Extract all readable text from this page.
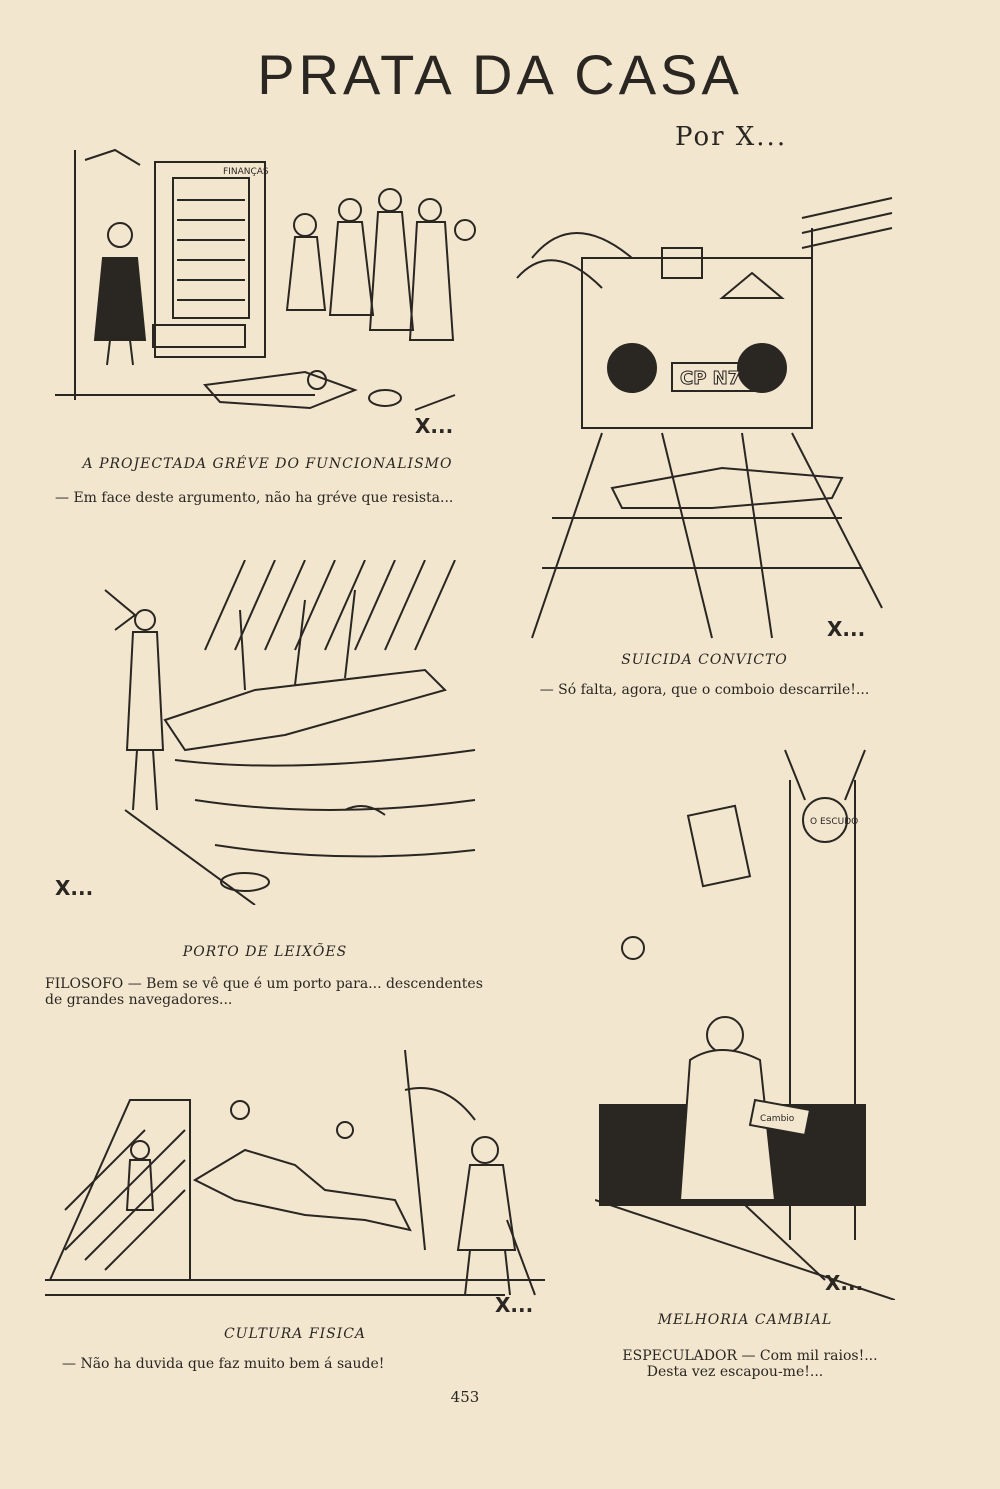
PRATA DA CASA
Por X...
FINANÇAS
X...
A PROJECTADA GRÉVE DO FUNCIONALISMO
— Em face deste argumento, não ha gréve que resista...
CP N7
X...
SUICIDA CONVICTO
— Só falta, agora, que o comboio descarrile!...
X...
PORTO DE LEIXÕES
FILOSOFO — Bem se vê que é um porto para... descendentes de grandes navegadores...
X...
CULTURA FISICA
— Não ha duvida que faz muito bem á saude!
O ESCUDO
Cambio
X...
MELHORIA CAMBIAL
ESPECULADOR — Com mil raios!...
Desta vez escapou-me!...
453
